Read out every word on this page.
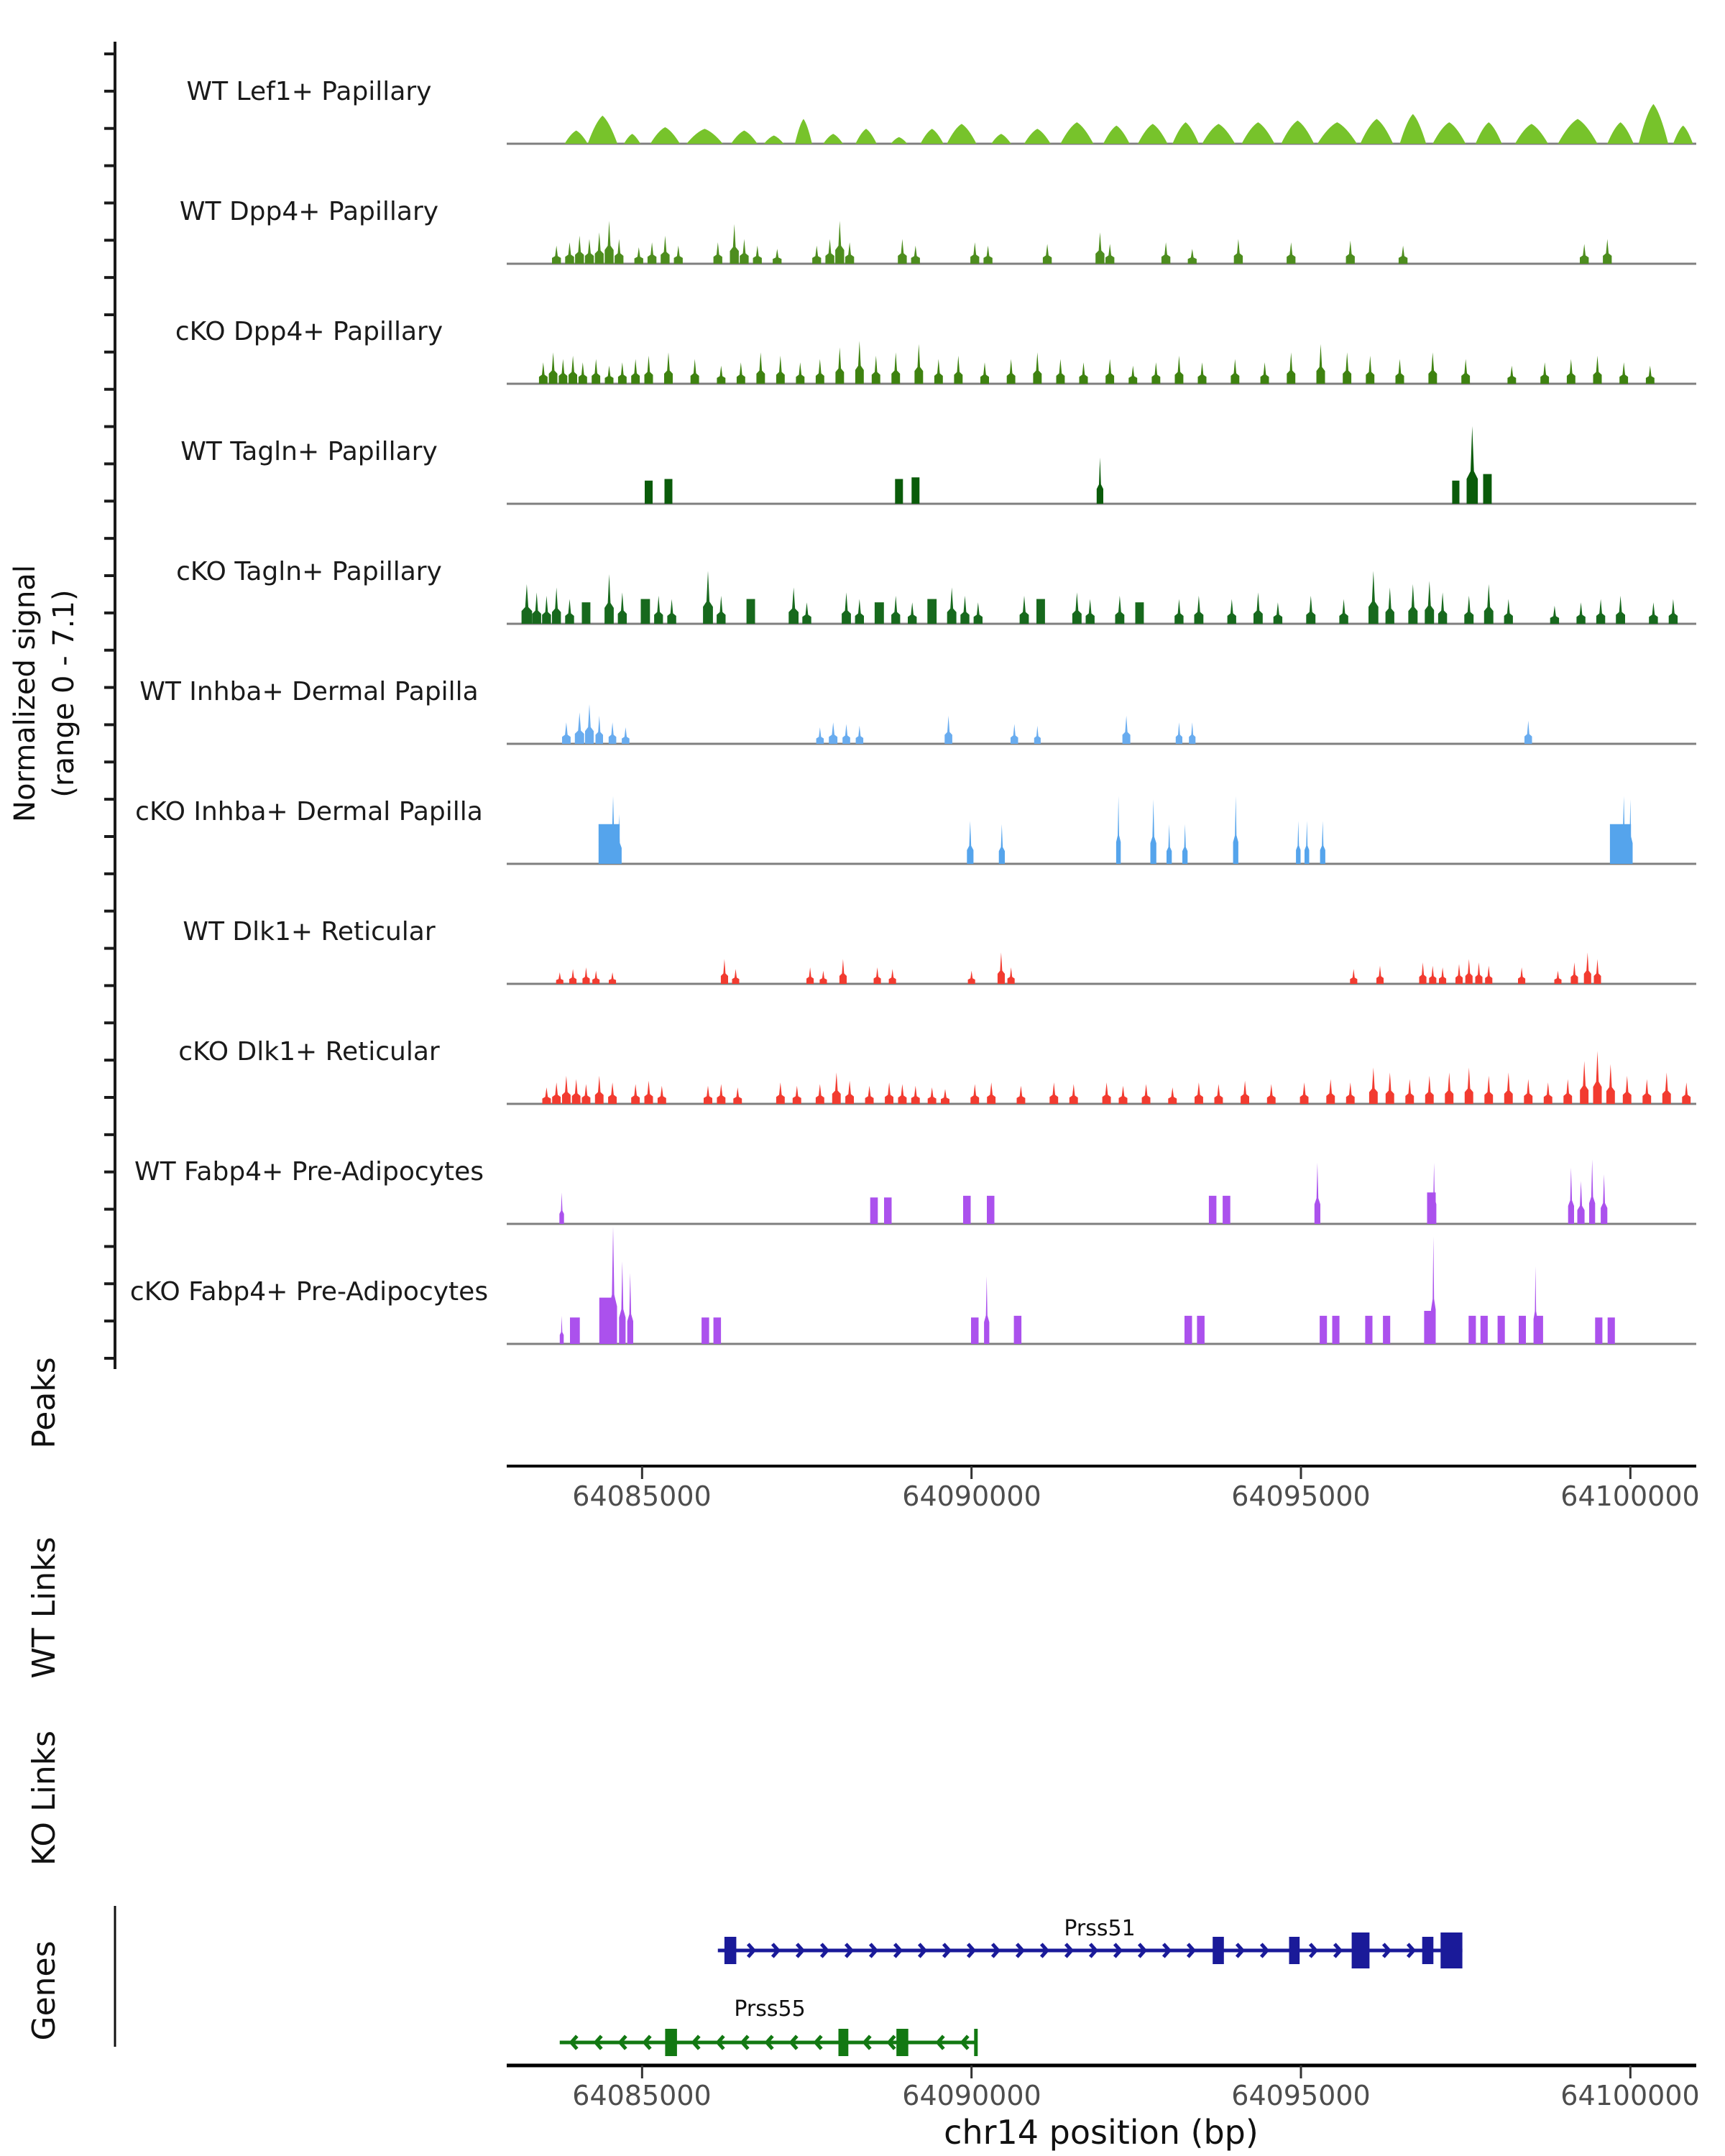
Normalized signal (range 0 - 7.1)
WT Lef1+ Papillary
WT Dpp4+ Papillary
cKO Dpp4+ Papillary
WT Tagln+ Papillary
cKO Tagln+ Papillary
WT Inhba+ Dermal Papilla
cKO Inhba+ Dermal Papilla
WT Dlk1+ Reticular
cKO Dlk1+ Reticular
WT Fabp4+ Pre-Adipocytes
cKO Fabp4+ Pre-Adipocytes
Peaks
WT Links
KO Links
Genes
64085000	64090000	64095000	64100000
64085000	64090000	64095000	64100000
chr14 position (bp)
Prss51
Prss55
